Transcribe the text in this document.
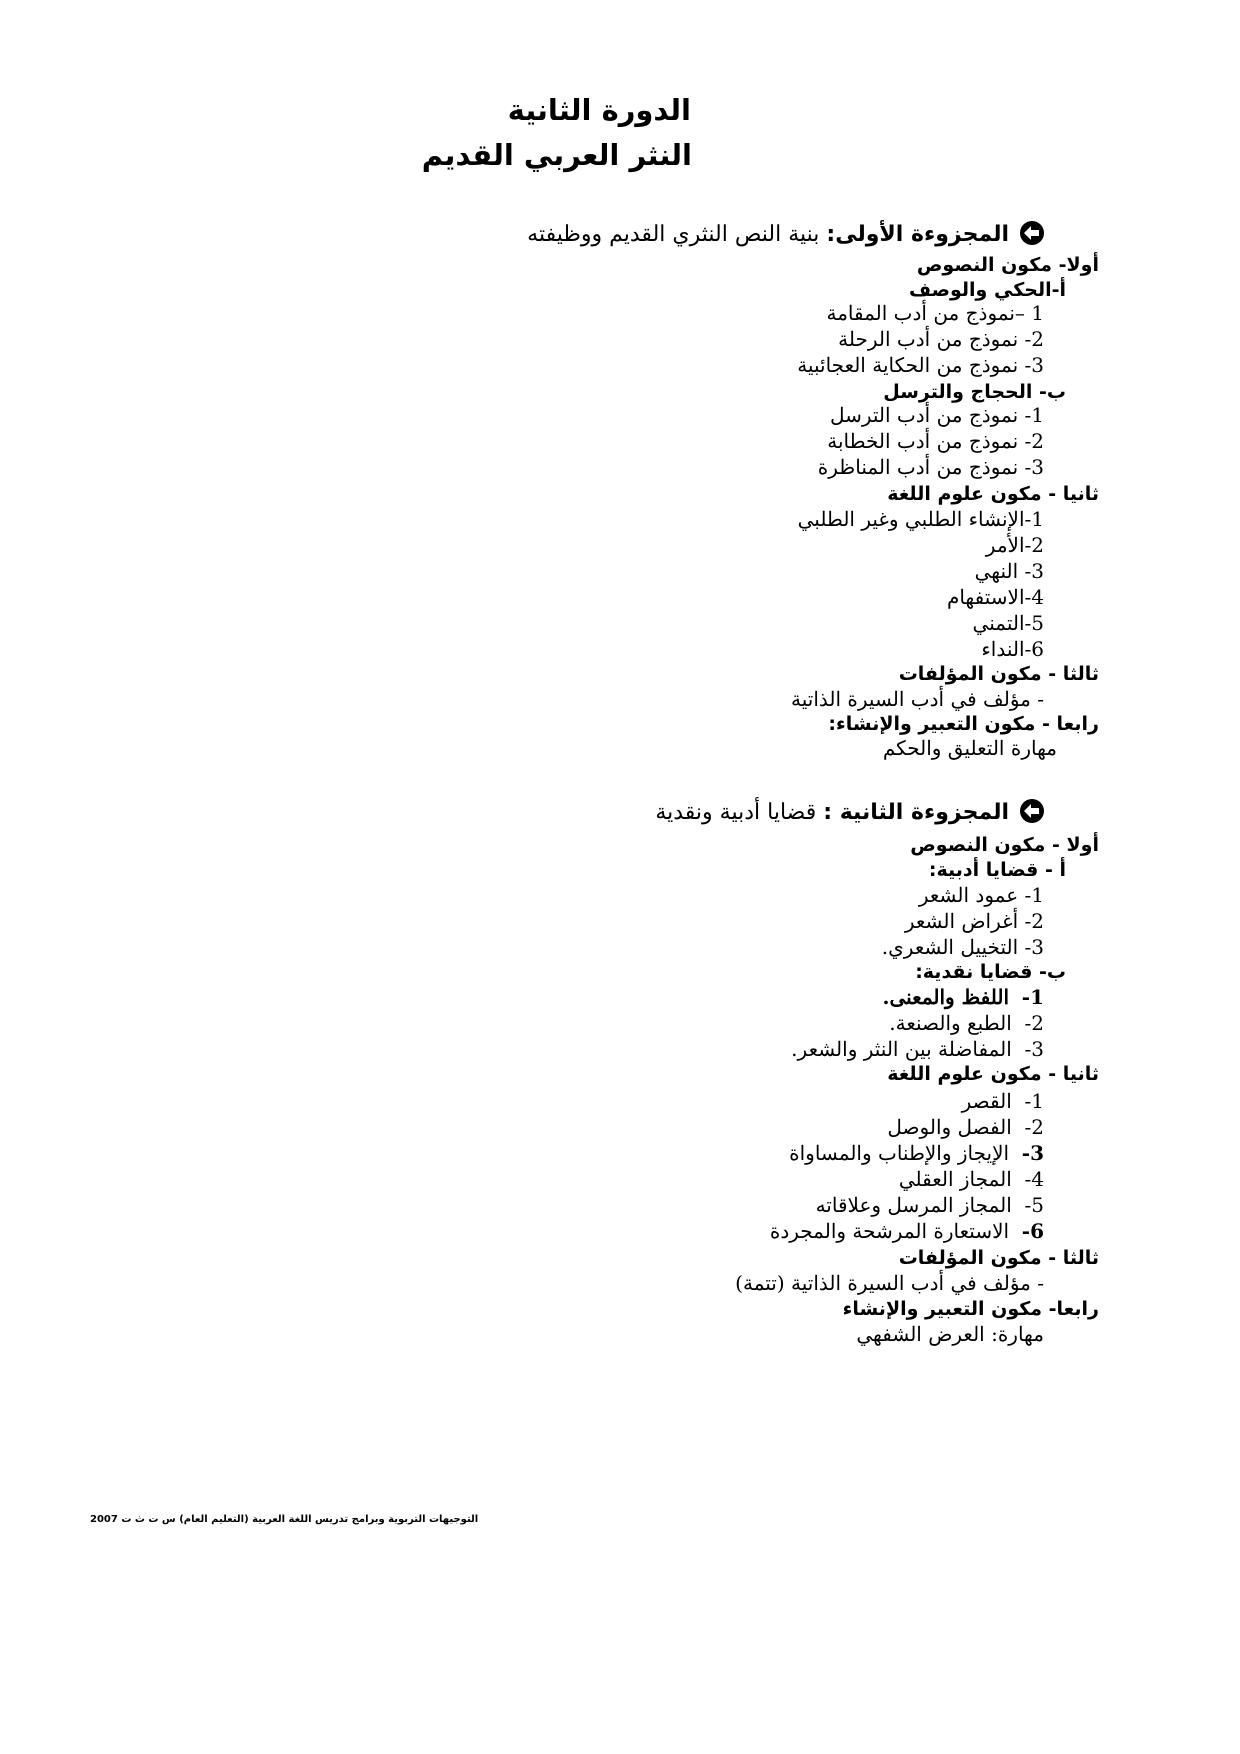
الدورة الثانية
النثر العربي القديم
المجزوءة الأولى: بنية النص النثري القديم ووظيفته
أولا- مكون النصوص
أ-الحكي والوصف
1 –نموذج من أدب المقامة
2- نموذج من أدب الرحلة
3- نموذج من الحكاية العجائبية
ب- الحجاج والترسل
1- نموذج من أدب الترسل
2- نموذج من أدب الخطابة
3- نموذج من أدب المناظرة
ثانيا - مكون علوم اللغة
1-الإنشاء الطلبي وغير الطلبي
2-الأمر
3- النهي
4-الاستفهام
5-التمني
6-النداء
ثالثا - مكون المؤلفات
- مؤلف في أدب السيرة الذاتية
رابعا - مكون التعبير والإنشاء:
مهارة التعليق والحكم
المجزوءة الثانية : قضايا أدبية ونقدية
أولا - مكون النصوص
أ - قضايا أدبية:
1- عمود الشعر
2- أغراض الشعر
3- التخييل الشعري.
ب- قضايا نقدية:
1-  اللفظ والمعنى.
2-  الطبع والصنعة.
3-  المفاضلة بين النثر والشعر.
ثانيا - مكون علوم اللغة
1-  القصر
2-  الفصل والوصل
3-  الإيجاز والإطناب والمساواة
4-  المجاز العقلي
5-  المجاز المرسل وعلاقاته
6-  الاستعارة المرشحة والمجردة
ثالثا - مكون المؤلفات
- مؤلف في أدب السيرة الذاتية (تتمة)
رابعا- مكون التعبير والإنشاء
مهارة: العرض الشفهي
التوجيهات التربوية وبرامج تدريس اللغة العربية (التعليم العام) س ت ث ت 2007
